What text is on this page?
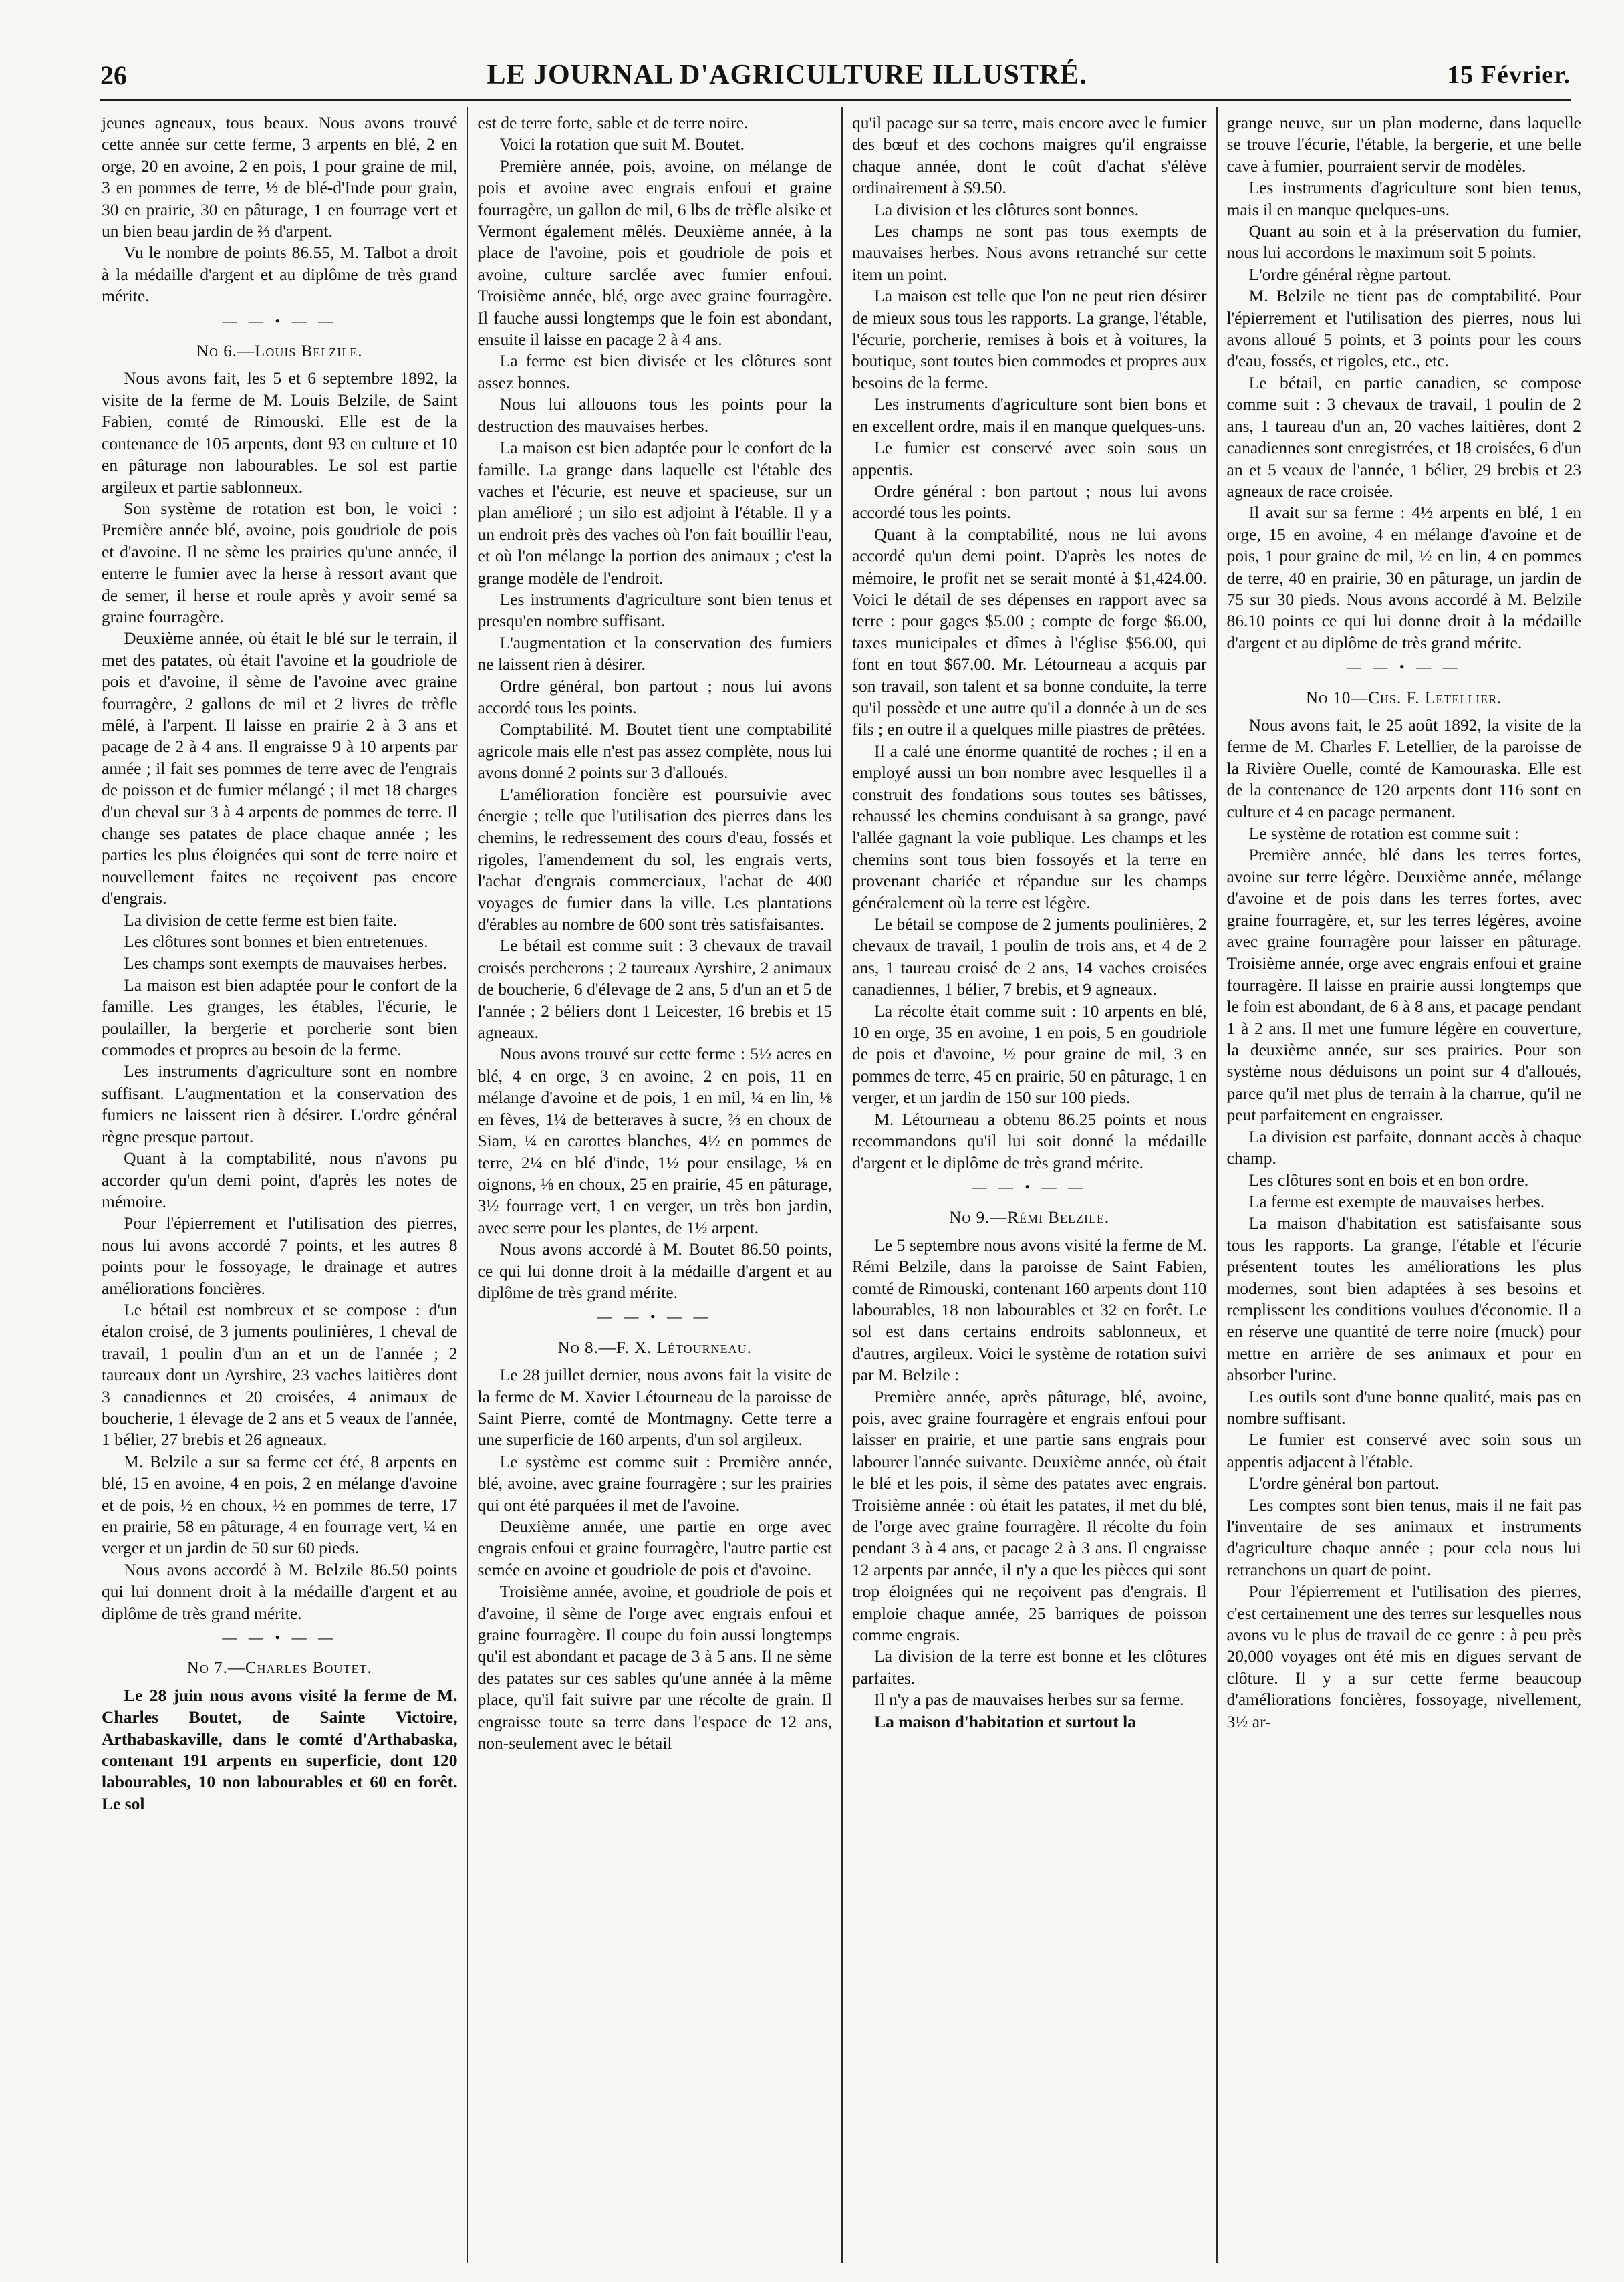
26	LE JOURNAL D'AGRICULTURE ILLUSTRÉ.	15 Février.

jeunes agneaux, tous beaux. Nous avons trouvé cette année sur cette ferme, 3 arpents en blé, 2 en orge, 20 en avoine, 2 en pois, 1 pour graine de mil, 3 en pommes de terre, ½ de blé-d'Inde pour grain, 30 en prairie, 30 en pâturage, 1 en fourrage vert et un bien beau jardin de ⅔ d'arpent.

Vu le nombre de points 86.55, M. Talbot a droit à la médaille d'argent et au diplôme de très grand mérite.

— — • — —
No 6.—Louis Belzile.

Nous avons fait, les 5 et 6 septembre 1892, la visite de la ferme de M. Louis Belzile, de Saint Fabien, comté de Rimouski. Elle est de la contenance de 105 arpents, dont 93 en culture et 10 en pâturage non labourables. Le sol est partie argileux et partie sablonneux.

Son système de rotation est bon, le voici : Première année blé, avoine, pois goudriole de pois et d'avoine. Il ne sème les prairies qu'une année, il enterre le fumier avec la herse à ressort avant que de semer, il herse et roule après y avoir semé sa graine fourragère.

Deuxième année, où était le blé sur le terrain, il met des patates, où était l'avoine et la goudriole de pois et d'avoine, il sème de l'avoine avec graine fourragère, 2 gallons de mil et 2 livres de trèfle mêlé, à l'arpent. Il laisse en prairie 2 à 3 ans et pacage de 2 à 4 ans. Il engraisse 9 à 10 arpents par année ; il fait ses pommes de terre avec de l'engrais de poisson et de fumier mélangé ; il met 18 charges d'un cheval sur 3 à 4 arpents de pommes de terre. Il change ses patates de place chaque année ; les parties les plus éloignées qui sont de terre noire et nouvellement faites ne reçoivent pas encore d'engrais.

La division de cette ferme est bien faite.

Les clôtures sont bonnes et bien entretenues.

Les champs sont exempts de mauvaises herbes.

La maison est bien adaptée pour le confort de la famille. Les granges, les étables, l'écurie, le poulailler, la bergerie et porcherie sont bien commodes et propres au besoin de la ferme.

Les instruments d'agriculture sont en nombre suffisant. L'augmentation et la conservation des fumiers ne laissent rien à désirer. L'ordre général règne presque partout.

Quant à la comptabilité, nous n'avons pu accorder qu'un demi point, d'après les notes de mémoire.

Pour l'épierrement et l'utilisation des pierres, nous lui avons accordé 7 points, et les autres 8 points pour le fossoyage, le drainage et autres améliorations foncières.

Le bétail est nombreux et se compose : d'un étalon croisé, de 3 juments poulinières, 1 cheval de travail, 1 poulin d'un an et un de l'année ; 2 taureaux dont un Ayrshire, 23 vaches laitières dont 3 canadiennes et 20 croisées, 4 animaux de boucherie, 1 élevage de 2 ans et 5 veaux de l'année, 1 bélier, 27 brebis et 26 agneaux.

M. Belzile a sur sa ferme cet été, 8 arpents en blé, 15 en avoine, 4 en pois, 2 en mélange d'avoine et de pois, ½ en choux, ½ en pommes de terre, 17 en prairie, 58 en pâturage, 4 en fourrage vert, ¼ en verger et un jardin de 50 sur 60 pieds.

Nous avons accordé à M. Belzile 86.50 points qui lui donnent droit à la médaille d'argent et au diplôme de très grand mérite.

— — • — —
No 7.—Charles Boutet.

Le 28 juin nous avons visité la ferme de M. Charles Boutet, de Sainte Victoire, Arthabaskaville, dans le comté d'Arthabaska, contenant 191 arpents en superficie, dont 120 labourables, 10 non labourables et 60 en forêt. Le sol

est de terre forte, sable et de terre noire.

Voici la rotation que suit M. Boutet.

Première année, pois, avoine, on mélange de pois et avoine avec engrais enfoui et graine fourragère, un gallon de mil, 6 lbs de trèfle alsike et Vermont également mêlés. Deuxième année, à la place de l'avoine, pois et goudriole de pois et avoine, culture sarclée avec fumier enfoui. Troisième année, blé, orge avec graine fourragère. Il fauche aussi longtemps que le foin est abondant, ensuite il laisse en pacage 2 à 4 ans.

La ferme est bien divisée et les clôtures sont assez bonnes.

Nous lui allouons tous les points pour la destruction des mauvaises herbes.

La maison est bien adaptée pour le confort de la famille. La grange dans laquelle est l'étable des vaches et l'écurie, est neuve et spacieuse, sur un plan amélioré ; un silo est adjoint à l'étable. Il y a un endroit près des vaches où l'on fait bouillir l'eau, et où l'on mélange la portion des animaux ; c'est la grange modèle de l'endroit.

Les instruments d'agriculture sont bien tenus et presqu'en nombre suffisant.

L'augmentation et la conservation des fumiers ne laissent rien à désirer.

Ordre général, bon partout ; nous lui avons accordé tous les points.

Comptabilité. M. Boutet tient une comptabilité agricole mais elle n'est pas assez complète, nous lui avons donné 2 points sur 3 d'alloués.

L'amélioration foncière est poursuivie avec énergie ; telle que l'utilisation des pierres dans les chemins, le redressement des cours d'eau, fossés et rigoles, l'amendement du sol, les engrais verts, l'achat d'engrais commerciaux, l'achat de 400 voyages de fumier dans la ville. Les plantations d'érables au nombre de 600 sont très satisfaisantes.

Le bétail est comme suit : 3 chevaux de travail croisés percherons ; 2 taureaux Ayrshire, 2 animaux de boucherie, 6 d'élevage de 2 ans, 5 d'un an et 5 de l'année ; 2 béliers dont 1 Leicester, 16 brebis et 15 agneaux.

Nous avons trouvé sur cette ferme : 5½ acres en blé, 4 en orge, 3 en avoine, 2 en pois, 11 en mélange d'avoine et de pois, 1 en mil, ¼ en lin, ⅛ en fèves, 1¼ de betteraves à sucre, ⅔ en choux de Siam, ¼ en carottes blanches, 4½ en pommes de terre, 2¼ en blé d'inde, 1½ pour ensilage, ⅛ en oignons, ⅛ en choux, 25 en prairie, 45 en pâturage, 3½ fourrage vert, 1 en verger, un très bon jardin, avec serre pour les plantes, de 1½ arpent.

Nous avons accordé à M. Boutet 86.50 points, ce qui lui donne droit à la médaille d'argent et au diplôme de très grand mérite.

— — • — —
No 8.—F. X. Létourneau.

Le 28 juillet dernier, nous avons fait la visite de la ferme de M. Xavier Létourneau de la paroisse de Saint Pierre, comté de Montmagny. Cette terre a une superficie de 160 arpents, d'un sol argileux.

Le système est comme suit : Première année, blé, avoine, avec graine fourragère ; sur les prairies qui ont été parquées il met de l'avoine.

Deuxième année, une partie en orge avec engrais enfoui et graine fourragère, l'autre partie est semée en avoine et goudriole de pois et d'avoine.

Troisième année, avoine, et goudriole de pois et d'avoine, il sème de l'orge avec engrais enfoui et graine fourragère. Il coupe du foin aussi longtemps qu'il est abondant et pacage de 3 à 5 ans. Il ne sème des patates sur ces sables qu'une année à la même place, qu'il fait suivre par une récolte de grain. Il engraisse toute sa terre dans l'espace de 12 ans, non-seulement avec le bétail

qu'il pacage sur sa terre, mais encore avec le fumier des bœuf et des cochons maigres qu'il engraisse chaque année, dont le coût d'achat s'élève ordinairement à $9.50.

La division et les clôtures sont bonnes.

Les champs ne sont pas tous exempts de mauvaises herbes. Nous avons retranché sur cette item un point.

La maison est telle que l'on ne peut rien désirer de mieux sous tous les rapports. La grange, l'étable, l'écurie, porcherie, remises à bois et à voitures, la boutique, sont toutes bien commodes et propres aux besoins de la ferme.

Les instruments d'agriculture sont bien bons et en excellent ordre, mais il en manque quelques-uns.

Le fumier est conservé avec soin sous un appentis.

Ordre général : bon partout ; nous lui avons accordé tous les points.

Quant à la comptabilité, nous ne lui avons accordé qu'un demi point. D'après les notes de mémoire, le profit net se serait monté à $1,424.00. Voici le détail de ses dépenses en rapport avec sa terre : pour gages $5.00 ; compte de forge $6.00, taxes municipales et dîmes à l'église $56.00, qui font en tout $67.00. Mr. Létourneau a acquis par son travail, son talent et sa bonne conduite, la terre qu'il possède et une autre qu'il a donnée à un de ses fils ; en outre il a quelques mille piastres de prêtées.

Il a calé une énorme quantité de roches ; il en a employé aussi un bon nombre avec lesquelles il a construit des fondations sous toutes ses bâtisses, rehaussé les chemins conduisant à sa grange, pavé l'allée gagnant la voie publique. Les champs et les chemins sont tous bien fossoyés et la terre en provenant chariée et répandue sur les champs généralement où la terre est légère.

Le bétail se compose de 2 juments poulinières, 2 chevaux de travail, 1 poulin de trois ans, et 4 de 2 ans, 1 taureau croisé de 2 ans, 14 vaches croisées canadiennes, 1 bélier, 7 brebis, et 9 agneaux.

La récolte était comme suit : 10 arpents en blé, 10 en orge, 35 en avoine, 1 en pois, 5 en goudriole de pois et d'avoine, ½ pour graine de mil, 3 en pommes de terre, 45 en prairie, 50 en pâturage, 1 en verger, et un jardin de 150 sur 100 pieds.

M. Létourneau a obtenu 86.25 points et nous recommandons qu'il lui soit donné la médaille d'argent et le diplôme de très grand mérite.

— — • — —
No 9.—Rémi Belzile.

Le 5 septembre nous avons visité la ferme de M. Rémi Belzile, dans la paroisse de Saint Fabien, comté de Rimouski, contenant 160 arpents dont 110 labourables, 18 non labourables et 32 en forêt. Le sol est dans certains endroits sablonneux, et d'autres, argileux. Voici le système de rotation suivi par M. Belzile :

Première année, après pâturage, blé, avoine, pois, avec graine fourragère et engrais enfoui pour laisser en prairie, et une partie sans engrais pour labourer l'année suivante. Deuxième année, où était le blé et les pois, il sème des patates avec engrais. Troisième année : où était les patates, il met du blé, de l'orge avec graine fourragère. Il récolte du foin pendant 3 à 4 ans, et pacage 2 à 3 ans. Il engraisse 12 arpents par année, il n'y a que les pièces qui sont trop éloignées qui ne reçoivent pas d'engrais. Il emploie chaque année, 25 barriques de poisson comme engrais.

La division de la terre est bonne et les clôtures parfaites.

Il n'y a pas de mauvaises herbes sur sa ferme.

La maison d'habitation et surtout la

grange neuve, sur un plan moderne, dans laquelle se trouve l'écurie, l'étable, la bergerie, et une belle cave à fumier, pourraient servir de modèles.

Les instruments d'agriculture sont bien tenus, mais il en manque quelques-uns.

Quant au soin et à la préservation du fumier, nous lui accordons le maximum soit 5 points.

L'ordre général règne partout.

M. Belzile ne tient pas de comptabilité. Pour l'épierrement et l'utilisation des pierres, nous lui avons alloué 5 points, et 3 points pour les cours d'eau, fossés, et rigoles, etc., etc.

Le bétail, en partie canadien, se compose comme suit : 3 chevaux de travail, 1 poulin de 2 ans, 1 taureau d'un an, 20 vaches laitières, dont 2 canadiennes sont enregistrées, et 18 croisées, 6 d'un an et 5 veaux de l'année, 1 bélier, 29 brebis et 23 agneaux de race croisée.

Il avait sur sa ferme : 4½ arpents en blé, 1 en orge, 15 en avoine, 4 en mélange d'avoine et de pois, 1 pour graine de mil, ½ en lin, 4 en pommes de terre, 40 en prairie, 30 en pâturage, un jardin de 75 sur 30 pieds. Nous avons accordé à M. Belzile 86.10 points ce qui lui donne droit à la médaille d'argent et au diplôme de très grand mérite.

— — • — —
No 10—Chs. F. Letellier.

Nous avons fait, le 25 août 1892, la visite de la ferme de M. Charles F. Letellier, de la paroisse de la Rivière Ouelle, comté de Kamouraska. Elle est de la contenance de 120 arpents dont 116 sont en culture et 4 en pacage permanent.

Le système de rotation est comme suit :

Première année, blé dans les terres fortes, avoine sur terre légère. Deuxième année, mélange d'avoine et de pois dans les terres fortes, avec graine fourragère, et, sur les terres légères, avoine avec graine fourragère pour laisser en pâturage. Troisième année, orge avec engrais enfoui et graine fourragère. Il laisse en prairie aussi longtemps que le foin est abondant, de 6 à 8 ans, et pacage pendant 1 à 2 ans. Il met une fumure légère en couverture, la deuxième année, sur ses prairies. Pour son système nous déduisons un point sur 4 d'alloués, parce qu'il met plus de terrain à la charrue, qu'il ne peut parfaitement en engraisser.

La division est parfaite, donnant accès à chaque champ.

Les clôtures sont en bois et en bon ordre.

La ferme est exempte de mauvaises herbes.

La maison d'habitation est satisfaisante sous tous les rapports. La grange, l'étable et l'écurie présentent toutes les améliorations les plus modernes, sont bien adaptées à ses besoins et remplissent les conditions voulues d'économie. Il a en réserve une quantité de terre noire (muck) pour mettre en arrière de ses animaux et pour en absorber l'urine.

Les outils sont d'une bonne qualité, mais pas en nombre suffisant.

Le fumier est conservé avec soin sous un appentis adjacent à l'étable.

L'ordre général bon partout.

Les comptes sont bien tenus, mais il ne fait pas l'inventaire de ses animaux et instruments d'agriculture chaque année ; pour cela nous lui retranchons un quart de point.

Pour l'épierrement et l'utilisation des pierres, c'est certainement une des terres sur lesquelles nous avons vu le plus de travail de ce genre : à peu près 20,000 voyages ont été mis en digues servant de clôture. Il y a sur cette ferme beaucoup d'améliorations foncières, fossoyage, nivellement, 3½ ar-
